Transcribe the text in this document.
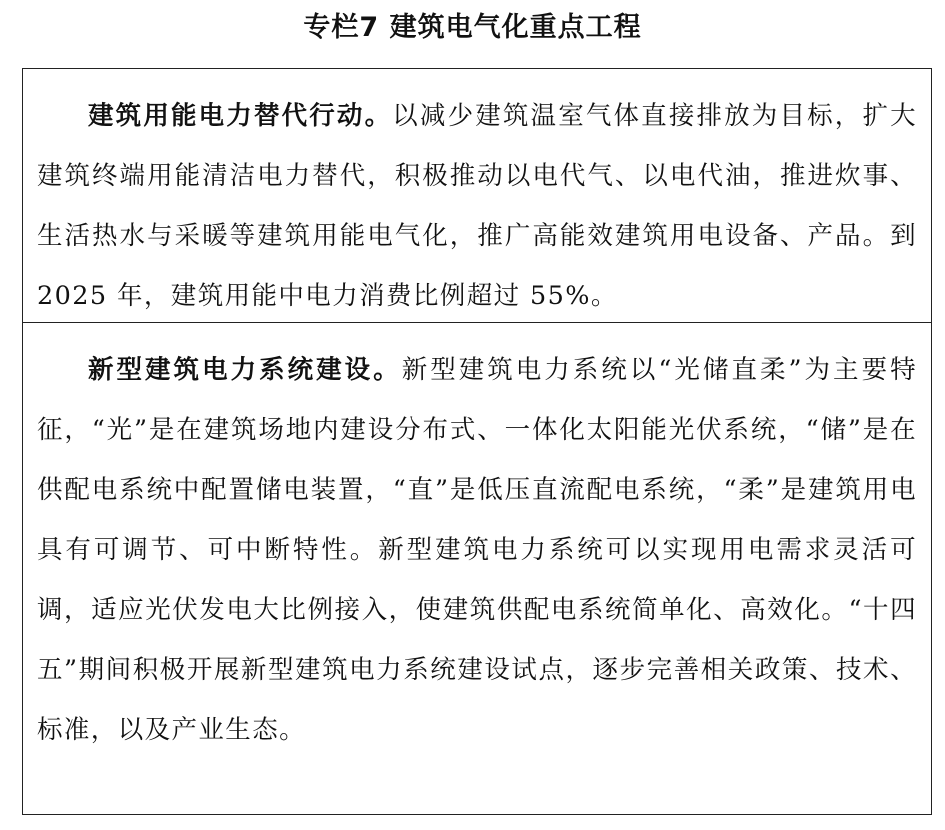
专栏7 建筑电气化重点工程

建筑用能电力替代行动。以减少建筑温室气体直接排放为目标，扩大建筑终端用能清洁电力替代，积极推动以电代气、以电代油，推进炊事、生活热水与采暖等建筑用能电气化，推广高能效建筑用电设备、产品。到 2025 年，建筑用能中电力消费比例超过 55%。

新型建筑电力系统建设。新型建筑电力系统以“光储直柔”为主要特征，“光”是在建筑场地内建设分布式、一体化太阳能光伏系统，“储”是在供配电系统中配置储电装置，“直”是低压直流配电系统，“柔”是建筑用电具有可调节、可中断特性。新型建筑电力系统可以实现用电需求灵活可调，适应光伏发电大比例接入，使建筑供配电系统简单化、高效化。“十四五”期间积极开展新型建筑电力系统建设试点，逐步完善相关政策、技术、标准，以及产业生态。
